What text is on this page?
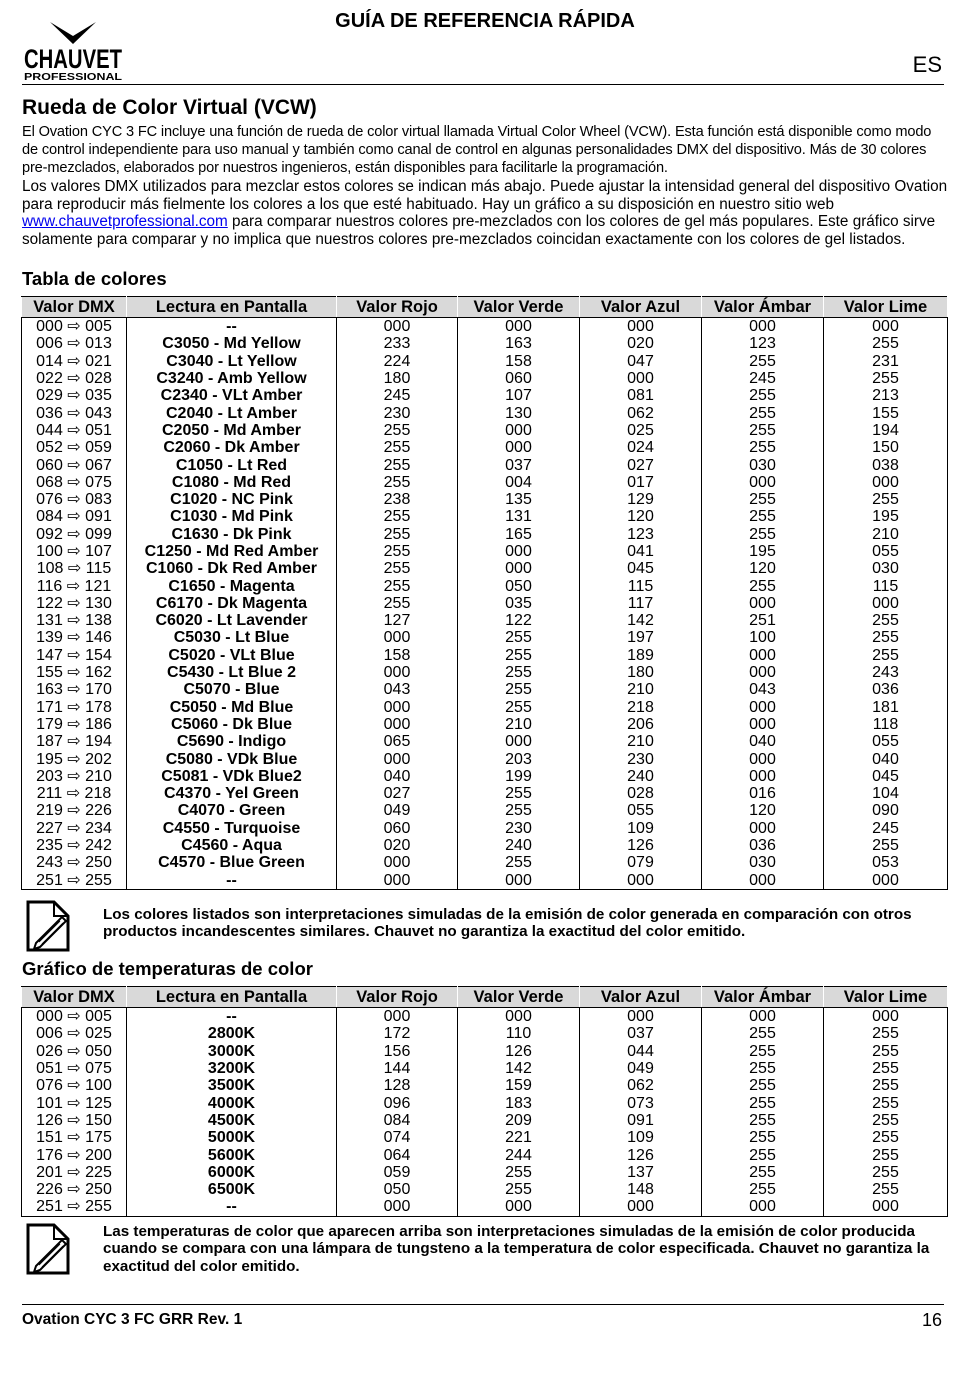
CHAUVET
PROFESSIONAL
GUÍA DE REFERENCIA RÁPIDA
ES
Rueda de Color Virtual (VCW)
El Ovation CYC 3 FC incluye una función de rueda de color virtual llamada Virtual Color Wheel (VCW). Esta función está disponible como modo de control independiente para uso manual y también como canal de control en algunas personalidades DMX del dispositivo. Más de 30 colores pre-mezclados, elaborados por nuestros ingenieros, están disponibles para facilitarle la programación.
Los valores DMX utilizados para mezclar estos colores se indican más abajo. Puede ajustar la intensidad general del dispositivo Ovation para reproducir más fielmente los colores a los que esté habituado. Hay un gráfico a su disposición en nuestro sitio web www.chauvetprofessional.com para comparar nuestros colores pre-mezclados con los colores de gel más populares. Este gráfico sirve solamente para comparar y no implica que nuestros colores pre-mezclados coincidan exactamente con los colores de gel listados.
Tabla de colores
Valor DMX	Lectura en Pantalla	Valor Rojo	Valor Verde	Valor Azul	Valor Ámbar	Valor Lime
000 ⇨ 005	--	000	000	000	000	000
006 ⇨ 013	C3050 - Md Yellow	233	163	020	123	255
014 ⇨ 021	C3040 - Lt Yellow	224	158	047	255	231
022 ⇨ 028	C3240 - Amb Yellow	180	060	000	245	255
029 ⇨ 035	C2340 - VLt Amber	245	107	081	255	213
036 ⇨ 043	C2040 - Lt Amber	230	130	062	255	155
044 ⇨ 051	C2050 - Md Amber	255	000	025	255	194
052 ⇨ 059	C2060 - Dk Amber	255	000	024	255	150
060 ⇨ 067	C1050 - Lt Red	255	037	027	030	038
068 ⇨ 075	C1080 - Md Red	255	004	017	000	000
076 ⇨ 083	C1020 - NC Pink	238	135	129	255	255
084 ⇨ 091	C1030 - Md Pink	255	131	120	255	195
092 ⇨ 099	C1630 - Dk Pink	255	165	123	255	210
100 ⇨ 107	C1250 - Md Red Amber	255	000	041	195	055
108 ⇨ 115	C1060 - Dk Red Amber	255	000	045	120	030
116 ⇨ 121	C1650 - Magenta	255	050	115	255	115
122 ⇨ 130	C6170 - Dk Magenta	255	035	117	000	000
131 ⇨ 138	C6020 - Lt Lavender	127	122	142	251	255
139 ⇨ 146	C5030 - Lt Blue	000	255	197	100	255
147 ⇨ 154	C5020 - VLt Blue	158	255	189	000	255
155 ⇨ 162	C5430 - Lt Blue 2	000	255	180	000	243
163 ⇨ 170	C5070 - Blue	043	255	210	043	036
171 ⇨ 178	C5050 - Md Blue	000	255	218	000	181
179 ⇨ 186	C5060 - Dk Blue	000	210	206	000	118
187 ⇨ 194	C5690 - Indigo	065	000	210	040	055
195 ⇨ 202	C5080 - VDk Blue	000	203	230	000	040
203 ⇨ 210	C5081 - VDk Blue2	040	199	240	000	045
211 ⇨ 218	C4370 - Yel Green	027	255	028	016	104
219 ⇨ 226	C4070 - Green	049	255	055	120	090
227 ⇨ 234	C4550 - Turquoise	060	230	109	000	245
235 ⇨ 242	C4560 - Aqua	020	240	126	036	255
243 ⇨ 250	C4570 - Blue Green	000	255	079	030	053
251 ⇨ 255	--	000	000	000	000	000
Los colores listados son interpretaciones simuladas de la emisión de color generada en comparación con otros productos incandescentes similares. Chauvet no garantiza la exactitud del color emitido.
Gráfico de temperaturas de color
Valor DMX	Lectura en Pantalla	Valor Rojo	Valor Verde	Valor Azul	Valor Ámbar	Valor Lime
000 ⇨ 005	--	000	000	000	000	000
006 ⇨ 025	2800K	172	110	037	255	255
026 ⇨ 050	3000K	156	126	044	255	255
051 ⇨ 075	3200K	144	142	049	255	255
076 ⇨ 100	3500K	128	159	062	255	255
101 ⇨ 125	4000K	096	183	073	255	255
126 ⇨ 150	4500K	084	209	091	255	255
151 ⇨ 175	5000K	074	221	109	255	255
176 ⇨ 200	5600K	064	244	126	255	255
201 ⇨ 225	6000K	059	255	137	255	255
226 ⇨ 250	6500K	050	255	148	255	255
251 ⇨ 255	--	000	000	000	000	000
Las temperaturas de color que aparecen arriba son interpretaciones simuladas de la emisión de color producida cuando se compara con una lámpara de tungsteno a la temperatura de color especificada. Chauvet no garantiza la exactitud del color emitido.
Ovation CYC 3 FC GRR Rev. 1	16
